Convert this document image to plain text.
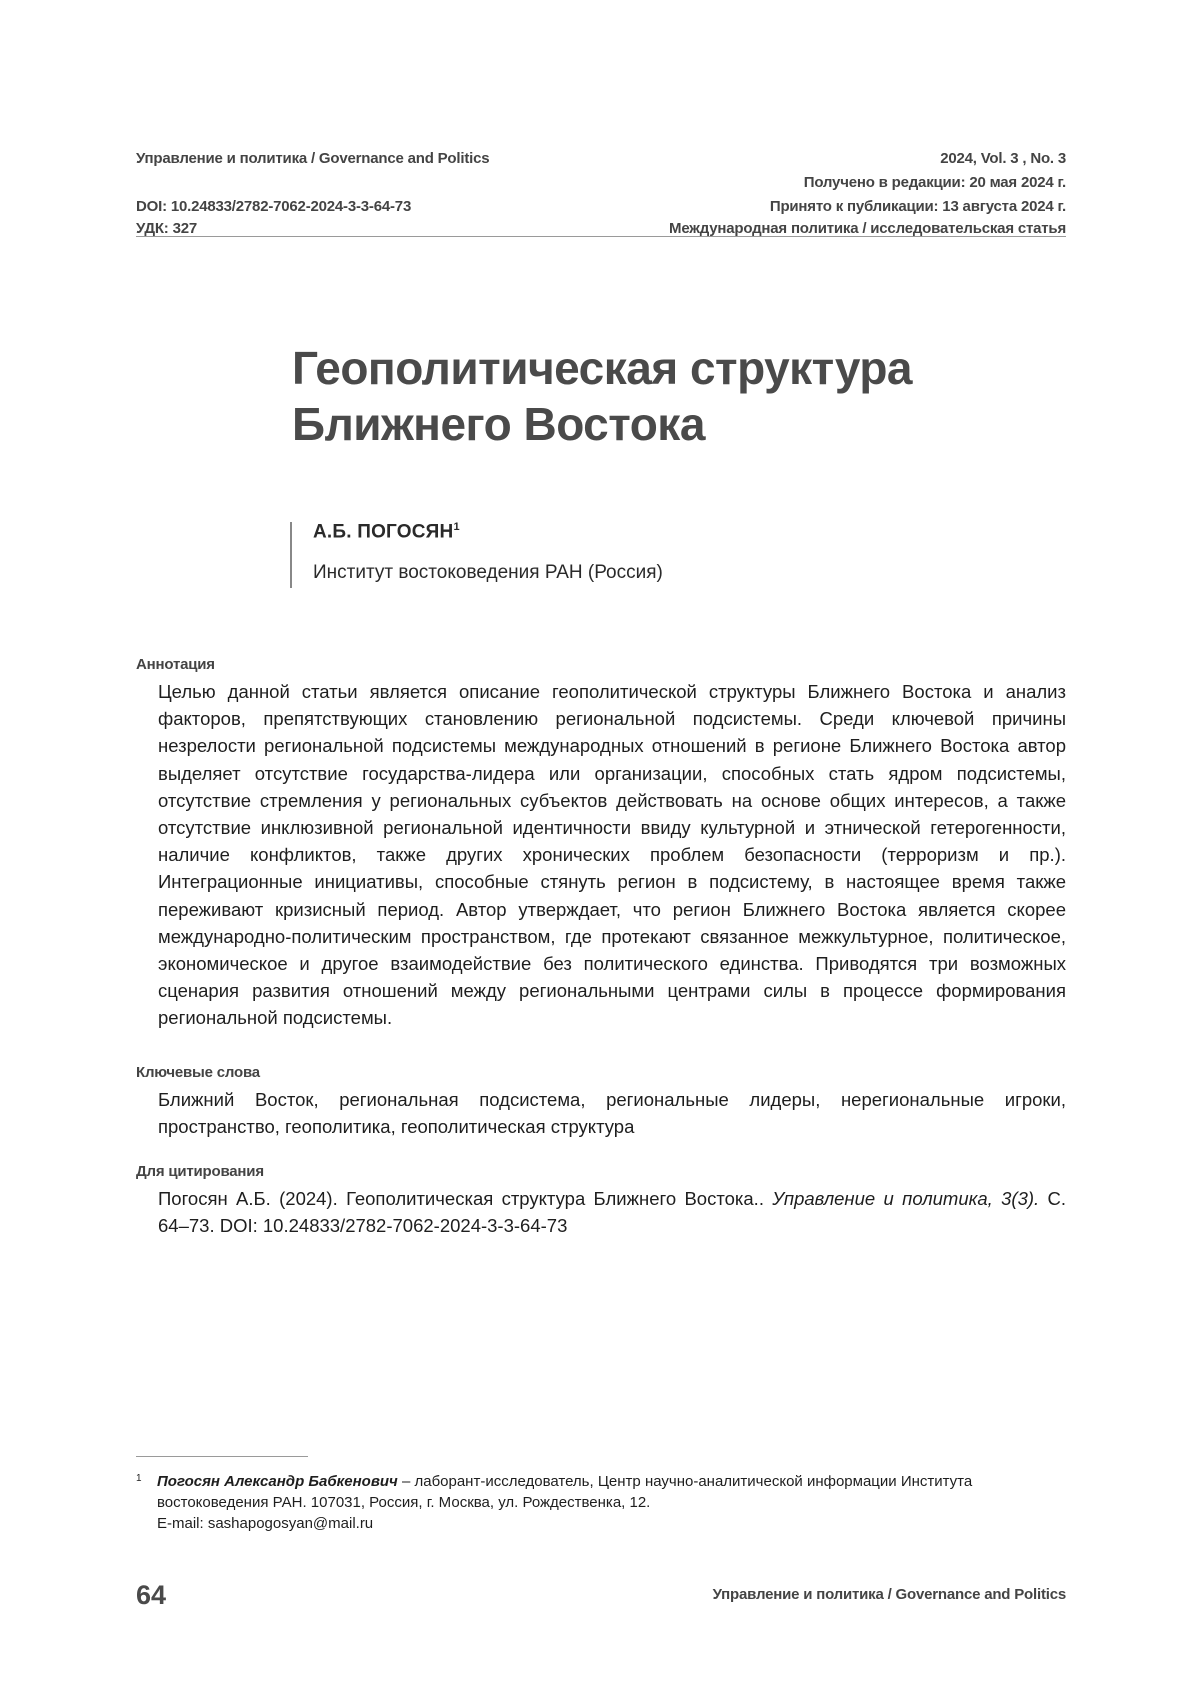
Управление и политика / Governance and Politics	2024, Vol. 3 , No. 3
Получено в редакции: 20 мая 2024 г.
DOI: 10.24833/2782-7062-2024-3-3-64-73	Принято к публикации: 13 августа 2024 г.
УДК: 327	Международная политика / исследовательская статья
Геополитическая структура
Ближнего Востока
А.Б. ПОГОСЯН1
Институт востоковедения РАН (Россия)
Аннотация

Целью данной статьи является описание геополитической структуры Ближнего Востока и анализ факторов, препятствующих становлению региональной подсистемы. Среди ключевой причины незрелости региональной подсистемы международных отношений в регионе Ближнего Востока автор выделяет отсутствие государства-лидера или организации, способных стать ядром подсистемы, отсутствие стремления у региональных субъектов действовать на основе общих интересов, а также отсутствие инклюзивной региональной идентичности ввиду культурной и этнической гетерогенности, наличие конфликтов, также других хронических проблем безопасности (терроризм и пр.). Интеграционные инициативы, способные стянуть регион в подсистему, в настоящее время также переживают кризисный период. Автор утверждает, что регион Ближнего Востока является скорее международно-политическим пространством, где протекают связанное межкультурное, политическое, экономическое и другое взаимодействие без политического единства. Приводятся три возможных сценария развития отношений между региональными центрами силы в процессе формирования региональной подсистемы.

Ключевые слова

Ближний Восток, региональная подсистема, региональные лидеры, нерегиональные игроки, пространство, геополитика, геополитическая структура

Для цитирования

Погосян А.Б. (2024). Геополитическая структура Ближнего Востока.. Управление и политика, 3(3). С. 64–73. DOI: 10.24833/2782-7062-2024-3-3-64-73

1 Погосян Александр Бабкенович – лаборант-исследователь, Центр научно-аналитической информации Института востоковедения РАН. 107031, Россия, г. Москва, ул. Рождественка, 12.
E-mail: sashapogosyan@mail.ru
64	Управление и политика / Governance and Politics
